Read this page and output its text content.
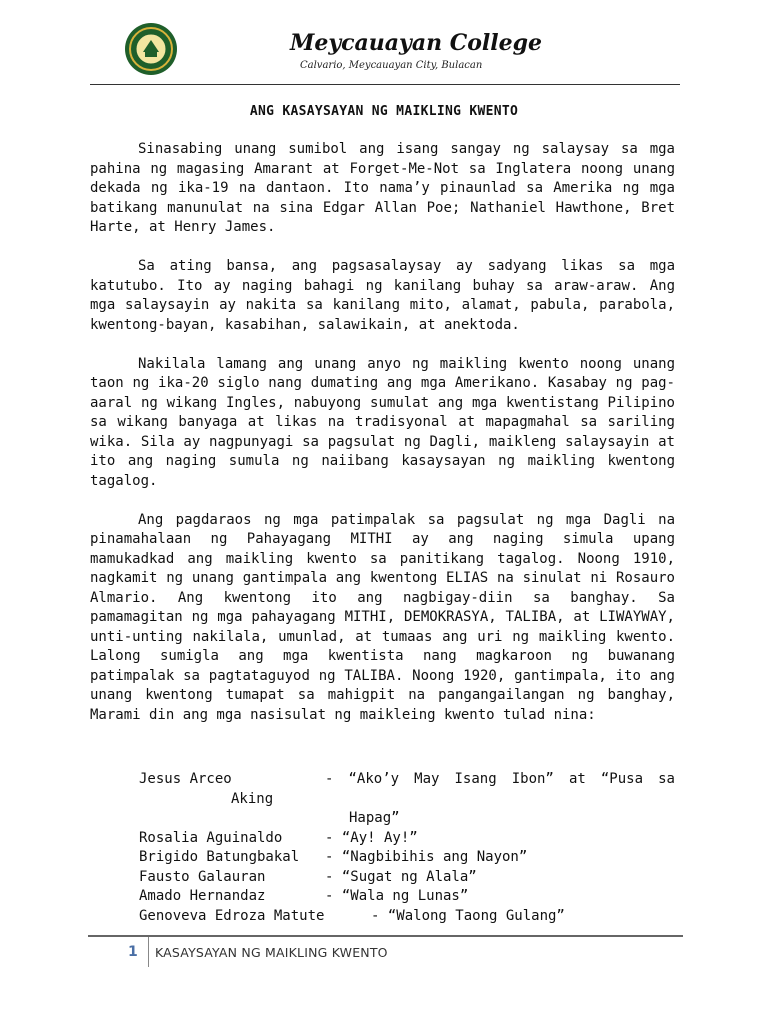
Meycauayan College
Calvario, Meycauayan City, Bulacan
ANG KASAYSAYAN NG MAIKLING KWENTO

Sinasabing unang sumibol ang isang sangay ng salaysay sa mga pahina ng magasing Amarant at Forget-Me-Not sa Inglatera noong unang dekada ng ika-19 na dantaon. Ito nama’y pinaunlad sa Amerika ng mga batikang manunulat na sina Edgar Allan Poe; Nathaniel Hawthone, Bret Harte, at Henry James.

Sa ating bansa, ang pagsasalaysay ay sadyang likas sa mga katutubo. Ito ay naging bahagi ng kanilang buhay sa araw-araw. Ang mga salaysayin ay nakita sa kanilang mito, alamat, pabula, parabola, kwentong-bayan, kasabihan, salawikain, at anektoda.

Nakilala lamang ang unang anyo ng maikling kwento noong unang taon ng ika-20 siglo nang dumating ang mga Amerikano. Kasabay ng pag-aaral ng wikang Ingles, nabuyong sumulat ang mga kwentistang Pilipino sa wikang banyaga at likas na tradisyonal at mapagmahal sa sariling wika. Sila ay nagpunyagi sa pagsulat ng Dagli, maikleng salaysayin at ito ang naging sumula ng naiibang kasaysayan ng maikling kwentong tagalog.

Ang pagdaraos ng mga patimpalak sa pagsulat ng mga Dagli na pinamahalaan ng Pahayagang MITHI ay ang naging simula upang mamukadkad ang maikling kwento sa panitikang tagalog. Noong 1910, nagkamit ng unang gantimpala ang kwentong ELIAS na sinulat ni Rosauro Almario. Ang kwentong ito ang nagbigay-diin sa banghay. Sa pamamagitan ng mga pahayagang MITHI, DEMOKRASYA, TALIBA, at LIWAYWAY, unti-unting nakilala, umunlad, at tumaas ang uri ng maikling kwento. Lalong sumigla ang mga kwentista nang magkaroon ng buwanang patimpalak sa pagtataguyod ng TALIBA. Noong 1920, gantimpala, ito ang unang kwentong tumapat sa mahigpit na pangangailangan ng banghay, Marami din ang mga nasisulat ng maikleing kwento tulad nina:

Jesus Arceo	- “Ako’y May Isang Ibon” at “Pusa sa
Aking
Hapag”
Rosalia Aguinaldo	- “Ay! Ay!”
Brigido Batungbakal - “Nagbibihis ang Nayon”
Fausto Galauran	- “Sugat ng Alala”
Amado Hernandaz	- “Wala ng Lunas”
Genoveva Edroza Matute	- “Walong Taong Gulang”
1 KASAYSAYAN NG MAIKLING KWENTO
